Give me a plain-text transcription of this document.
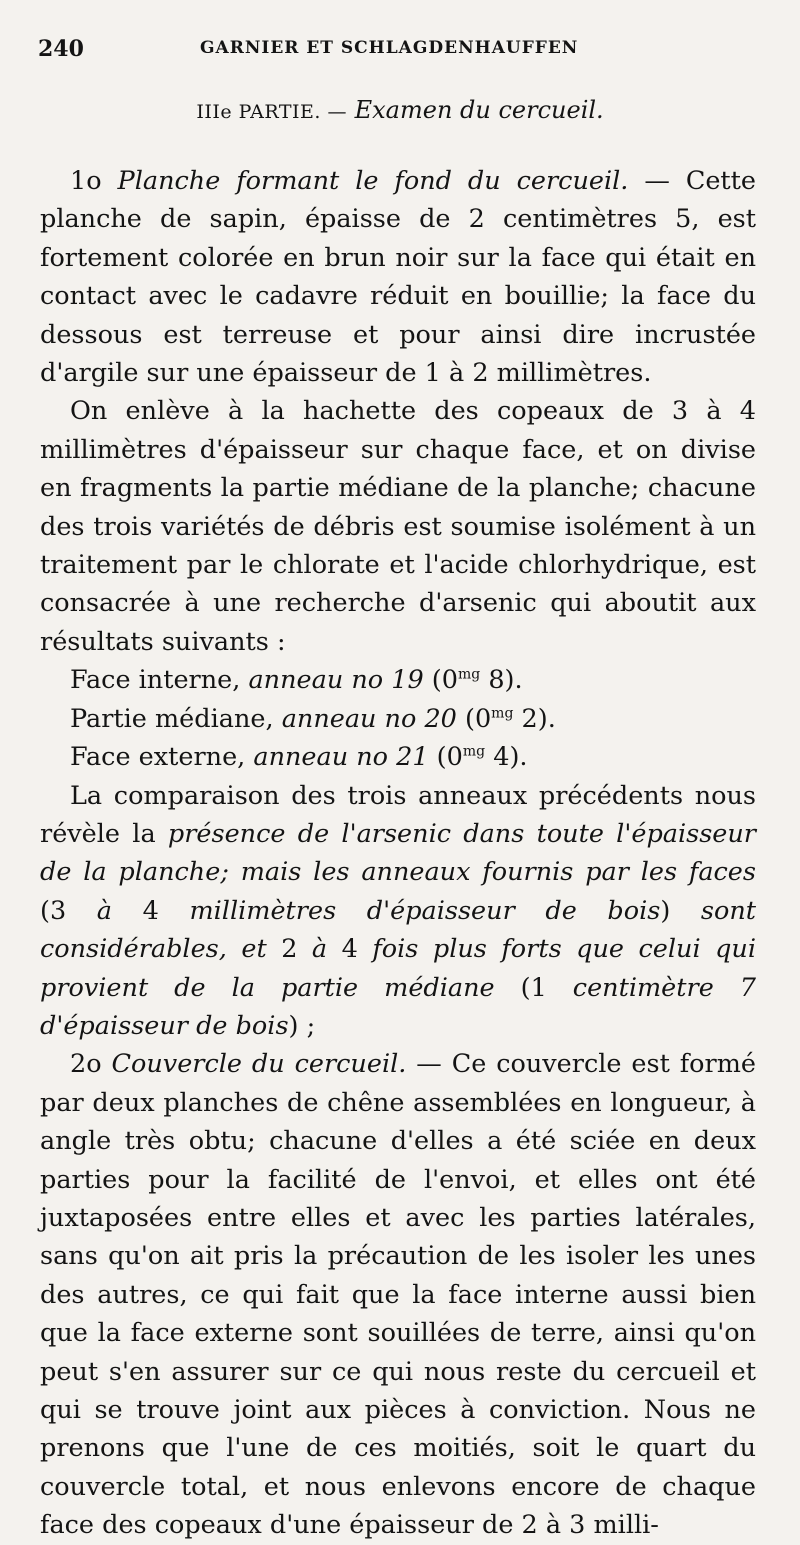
240	GARNIER ET SCHLAGDENHAUFFEN
IIIe PARTIE. — Examen du cercueil.

1o Planche formant le fond du cercueil. — Cette planche de sapin, épaisse de 2 centimètres 5, est fortement colorée en brun noir sur la face qui était en contact avec le cadavre réduit en bouillie; la face du dessous est terreuse et pour ainsi dire incrustée d'argile sur une épaisseur de 1 à 2 millimètres.

On enlève à la hachette des copeaux de 3 à 4 millimètres d'épaisseur sur chaque face, et on divise en fragments la partie médiane de la planche; chacune des trois variétés de débris est soumise isolément à un traitement par le chlorate et l'acide chlorhydrique, est consacrée à une recherche d'arsenic qui aboutit aux résultats suivants :

Face interne, anneau no 19 ($0^{mg}$ 8).

Partie médiane, anneau no 20 ($0^{mg}$ 2).

Face externe, anneau no 21 ($0^{mg}$ 4).

La comparaison des trois anneaux précédents nous révèle la présence de l'arsenic dans toute l'épaisseur de la planche; mais les anneaux fournis par les faces (3 à 4 millimètres d'épaisseur de bois) sont considérables, et 2 à 4 fois plus forts que celui qui provient de la partie médiane (1 centimètre 7 d'épaisseur de bois) ;

2o Couvercle du cercueil. — Ce couvercle est formé par deux planches de chêne assemblées en longueur, à angle très obtu; chacune d'elles a été sciée en deux parties pour la facilité de l'envoi, et elles ont été juxtaposées entre elles et avec les parties latérales, sans qu'on ait pris la précaution de les isoler les unes des autres, ce qui fait que la face interne aussi bien que la face externe sont souillées de terre, ainsi qu'on peut s'en assurer sur ce qui nous reste du cercueil et qui se trouve joint aux pièces à conviction. Nous ne prenons que l'une de ces moitiés, soit le quart du couvercle total, et nous enlevons encore de chaque face des copeaux d'une épaisseur de 2 à 3 milli-
